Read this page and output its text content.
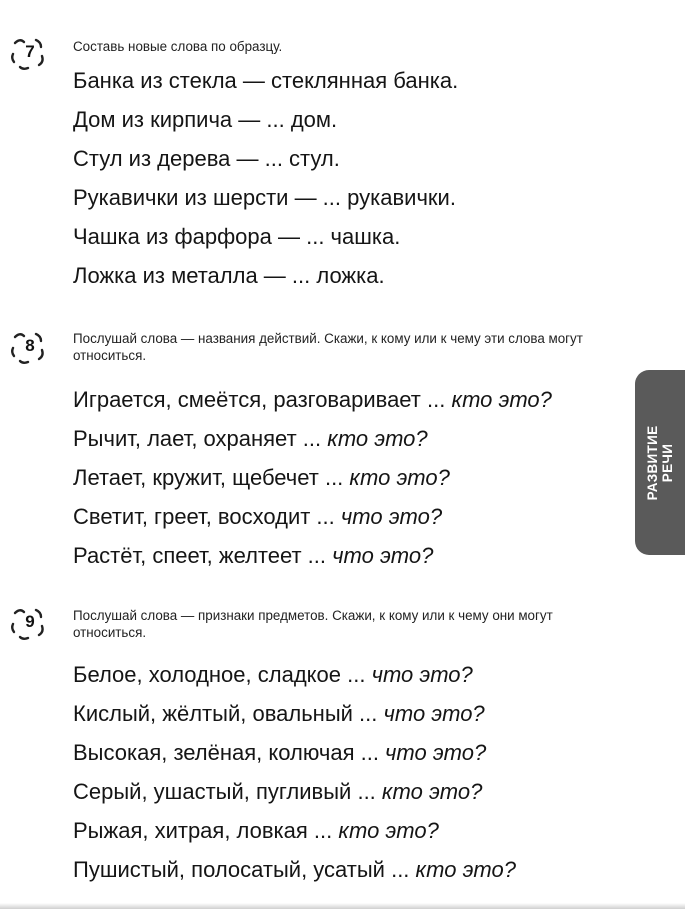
7	Составь новые слова по образцу.
Банка из стекла — стеклянная банка.
Дом из кирпича — ... дом.
Стул из дерева — ... стул.
Рукавички из шерсти — ... рукавички.
Чашка из фарфора — ... чашка.
Ложка из металла — ... ложка.
8	Послушай слова — названия действий. Скажи, к кому или к чему эти слова могут относиться.
Играется, смеётся, разговаривает ... кто это?
Рычит, лает, охраняет ... кто это?
Летает, кружит, щебечет ... кто это?
Светит, греет, восходит ... что это?
Растёт, спеет, желтеет ... что это?
9	Послушай слова — признаки предметов. Скажи, к кому или к чему они могут относиться.
Белое, холодное, сладкое ... что это?
Кислый, жёлтый, овальный ... что это?
Высокая, зелёная, колючая ... что это?
Серый, ушастый, пугливый ... кто это?
Рыжая, хитрая, ловкая ... кто это?
Пушистый, полосатый, усатый ... кто это?
РАЗВИТИЕ РЕЧИ
